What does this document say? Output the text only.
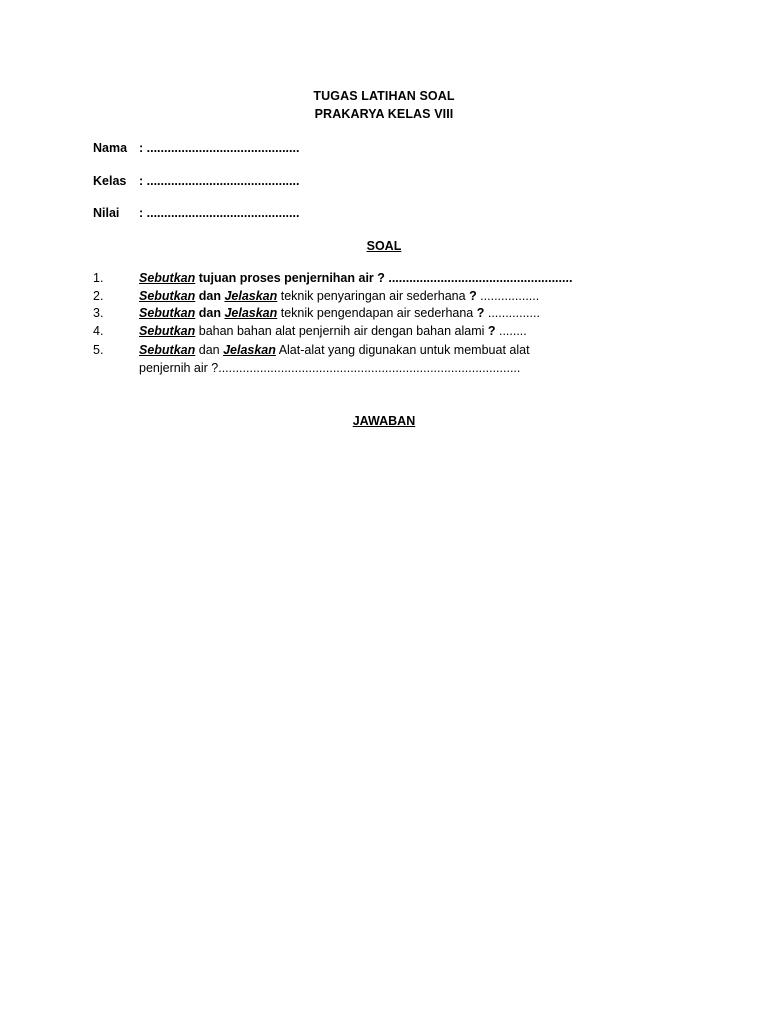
TUGAS LATIHAN SOAL
PRAKARYA KELAS VIII
Nama : ............................................
Kelas : ............................................
Nilai : ............................................
SOAL
1.	Sebutkan tujuan proses penjernihan air ? .....................................................
2.	Sebutkan dan Jelaskan teknik penyaringan air sederhana ? .................
3.	Sebutkan dan Jelaskan teknik pengendapan air sederhana ? ...............
4.	Sebutkan bahan bahan alat penjernih air dengan bahan alami ? ........
5.	Sebutkan dan Jelaskan Alat-alat yang digunakan untuk membuat alat
penjernih air ?.......................................................................................
JAWABAN
